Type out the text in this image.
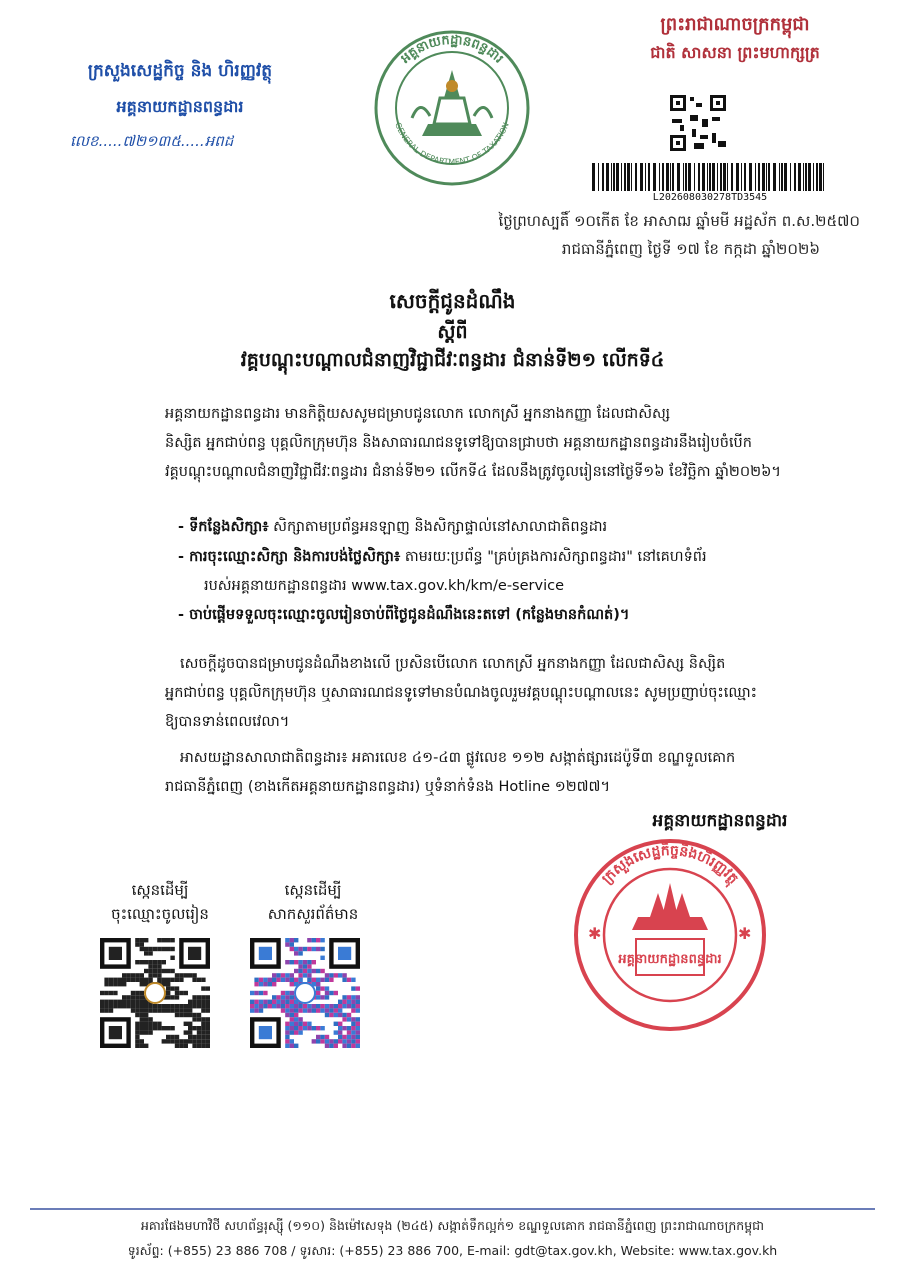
ក្រសួងសេដ្ឋកិច្ច និង ហិរញ្ញវត្ថុ
អគ្គនាយកដ្ឋានពន្ធដារ
លេខ.....៧២១៣៥.....អពដ
អគ្គនាយកដ្ឋានពន្ធដារ
GENERAL DEPARTMENT OF TAXATION
ព្រះរាជាណាចក្រកម្ពុជា
ជាតិ សាសនា ព្រះមហាក្សត្រ
L202608030278TD3545
ថ្ងៃព្រហស្បតិ៍ ១០កើត ខែ អាសាឍ ឆ្នាំមមី អដ្ឋស័ក ព.ស.២៥៧០
រាជធានីភ្នំពេញ ថ្ងៃទី ១៧ ខែ កក្កដា ឆ្នាំ២០២៦
សេចក្តីជូនដំណឹង
ស្តីពី
វគ្គបណ្តុះបណ្តាលជំនាញវិជ្ជាជីវៈពន្ធដារ ជំនាន់ទី២១ លើកទី៤
អគ្គនាយកដ្ឋានពន្ធដារ មានកិត្តិយសសូមជម្រាបជូនលោក លោកស្រី អ្នកនាងកញ្ញា ដែលជាសិស្ស
និស្សិត អ្នកជាប់ពន្ធ បុគ្គលិកក្រុមហ៊ុន និងសាធារណជនទូទៅឱ្យបានជ្រាបថា អគ្គនាយកដ្ឋានពន្ធដារនឹងរៀបចំបើក
វគ្គបណ្តុះបណ្តាលជំនាញវិជ្ជាជីវៈពន្ធដារ ជំនាន់ទី២១ លើកទី៤ ដែលនឹងត្រូវចូលរៀននៅថ្ងៃទី១៦ ខែវិច្ឆិកា ឆ្នាំ២០២៦។
- ទីកន្លែងសិក្សា៖ សិក្សាតាមប្រព័ន្ធអនឡាញ និងសិក្សាផ្ទាល់នៅសាលាជាតិពន្ធដារ
- ការចុះឈ្មោះសិក្សា និងការបង់ថ្លៃសិក្សា៖ តាមរយៈប្រព័ន្ធ "គ្រប់គ្រងការសិក្សាពន្ធដារ" នៅគេហទំព័រ
របស់អគ្គនាយកដ្ឋានពន្ធដារ www.tax.gov.kh/km/e-service
- ចាប់ផ្តើមទទួលចុះឈ្មោះចូលរៀនចាប់ពីថ្ងៃជូនដំណឹងនេះតទៅ (កន្លែងមានកំណត់)។
សេចក្តីដូចបានជម្រាបជូនដំណឹងខាងលើ ប្រសិនបើលោក លោកស្រី អ្នកនាងកញ្ញា ដែលជាសិស្ស និស្សិត
អ្នកជាប់ពន្ធ បុគ្គលិកក្រុមហ៊ុន ឬសាធារណជនទូទៅមានបំណងចូលរួមវគ្គបណ្តុះបណ្តាលនេះ សូមប្រញាប់ចុះឈ្មោះ
ឱ្យបានទាន់ពេលវេលា។
អាសយដ្ឋានសាលាជាតិពន្ធដារ៖ អគារលេខ ៤១-៤៣ ផ្លូវលេខ ១១២ សង្កាត់ផ្សារដេប៉ូទី៣ ខណ្ឌទួលគោក
រាជធានីភ្នំពេញ (ខាងកើតអគ្គនាយកដ្ឋានពន្ធដារ) ឬទំនាក់ទំនង Hotline ១២៧៧។
អគ្គនាយកដ្ឋានពន្ធដារ
ក្រសួងសេដ្ឋកិច្ចនិងហិរញ្ញវត្ថុ
អគ្គនាយកដ្ឋានពន្ធដារ
✱	✱
ស្កេនដើម្បី
ចុះឈ្មោះចូលរៀន
ស្កេនដើម្បី
សាកសួរព័ត៌មាន
អគារផែងមហាវិថី សហព័ន្ធរុស្ស៊ី (១១០) និងម៉ៅសេទុង (២៤៥) សង្កាត់ទឹកល្អក់១ ខណ្ឌទួលគោក រាជធានីភ្នំពេញ ព្រះរាជាណាចក្រកម្ពុជា
ទូរស័ព្ទ: (+855) 23 886 708 / ទូរសារ: (+855) 23 886 700, E-mail: gdt@tax.gov.kh, Website: www.tax.gov.kh
